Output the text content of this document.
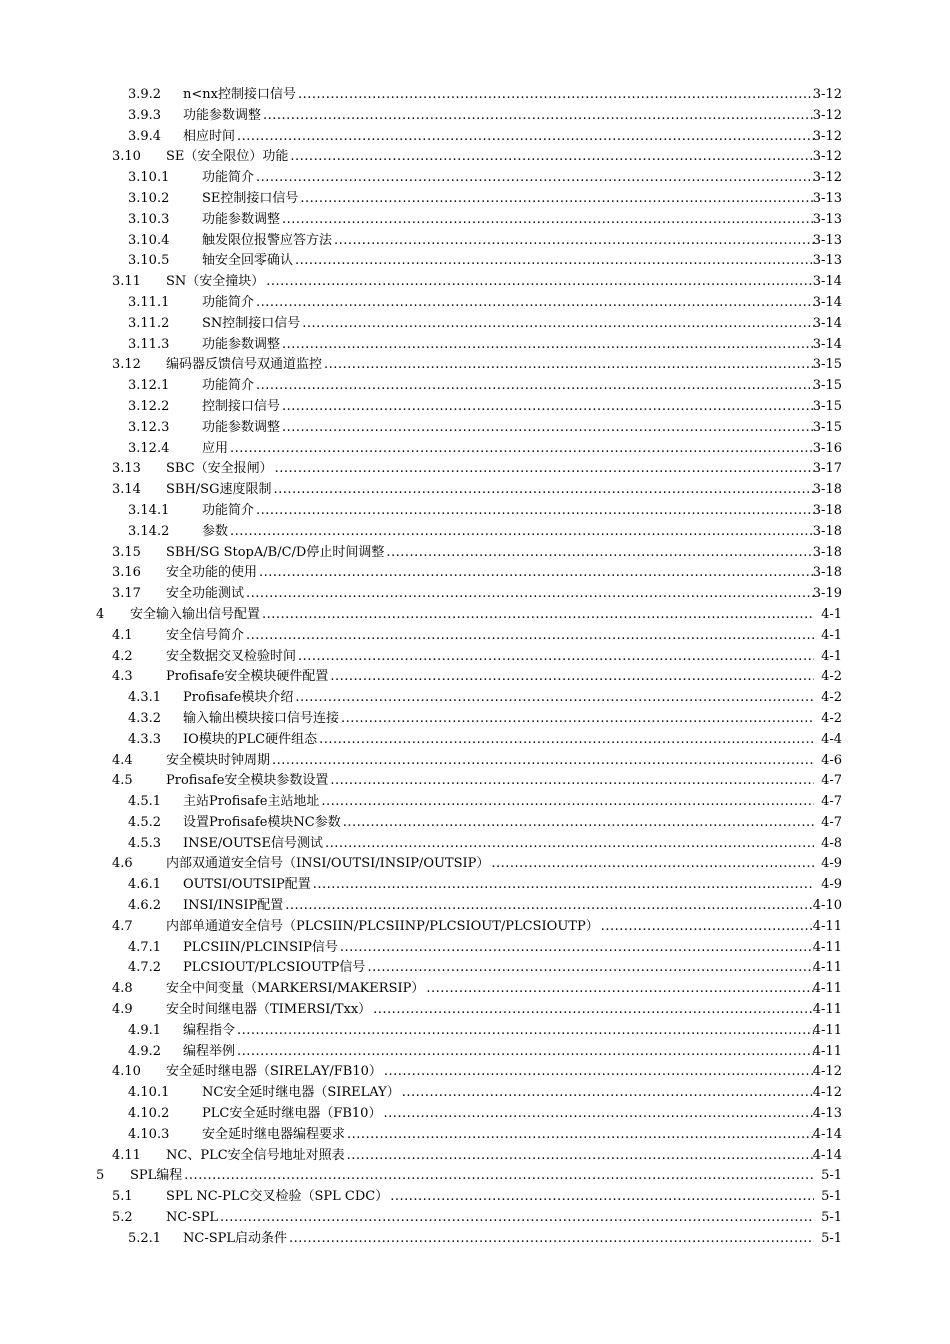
3.9.2 n<nx控制接口信号 .....	3-12
3.9.3 功能参数调整 .....	3-12
3.9.4 相应时间 .....	3-12
3.10 SE（安全限位）功能 .....	3-12
3.10.1	功能简介 .....	3-12
3.10.2	SE控制接口信号 .....	3-13
3.10.3	功能参数调整 .....	3-13
3.10.4	触发限位报警应答方法 .....	3-13
3.10.5	轴安全回零确认 .....	3-13
3.11 SN（安全撞块） .....	3-14
3.11.1	功能简介 .....	3-14
3.11.2	SN控制接口信号 .....	3-14
3.11.3	功能参数调整 .....	3-14
3.12 编码器反馈信号双通道监控 .....	3-15
3.12.1	功能简介 .....	3-15
3.12.2	控制接口信号 .....	3-15
3.12.3	功能参数调整 .....	3-15
3.12.4	应用 .....	3-16
3.13 SBC（安全报闸） .....	3-17
3.14 SBH/SG速度限制 .....	3-18
3.14.1	功能简介 .....	3-18
3.14.2	参数 .....	3-18
3.15 SBH/SG StopA/B/C/D停止时间调整 .....	3-18
3.16 安全功能的使用 .....	3-18
3.17 安全功能测试 .....	3-19
4 安全输入输出信号配置 .....	4-1
4.1	安全信号简介 .....	4-1
4.2	安全数据交叉检验时间 .....	4-1
4.3	Profisafe安全模块硬件配置 .....	4-2
4.3.1 Profisafe模块介绍 .....	4-2
4.3.2 输入输出模块接口信号连接 .....	4-2
4.3.3 IO模块的PLC硬件组态 .....	4-4
4.4	安全模块时钟周期 .....	4-6
4.5	Profisafe安全模块参数设置 .....	4-7
4.5.1 主站Profisafe主站地址 .....	4-7
4.5.2 设置Profisafe模块NC参数 .....	4-7
4.5.3 INSE/OUTSE信号测试 .....	4-8
4.6	内部双通道安全信号（INSI/OUTSI/INSIP/OUTSIP） .....	4-9
4.6.1 OUTSI/OUTSIP配置 .....	4-9
4.6.2 INSI/INSIP配置 .....	4-10
4.7	内部单通道安全信号（PLCSIIN/PLCSIINP/PLCSIOUT/PLCSIOUTP） .....	4-11
4.7.1 PLCSIIN/PLCINSIP信号 .....	4-11
4.7.2 PLCSIOUT/PLCSIOUTP信号 .....	4-11
4.8	安全中间变量（MARKERSI/MAKERSIP） .....	4-11
4.9	安全时间继电器（TIMERSI/Txx） .....	4-11
4.9.1 编程指令 .....	4-11
4.9.2 编程举例 .....	4-11
4.10 安全延时继电器（SIRELAY/FB10） .....	4-12
4.10.1	NC安全延时继电器（SIRELAY） .....	4-12
4.10.2	PLC安全延时继电器（FB10） .....	4-13
4.10.3	安全延时继电器编程要求 .....	4-14
4.11 NC、PLC安全信号地址对照表 .....	4-14
5 SPL编程 .....	5-1
5.1	SPL NC-PLC交叉检验（SPL CDC） .....	5-1
5.2	NC-SPL .....	5-1
5.2.1 NC-SPL启动条件 .....	5-1
